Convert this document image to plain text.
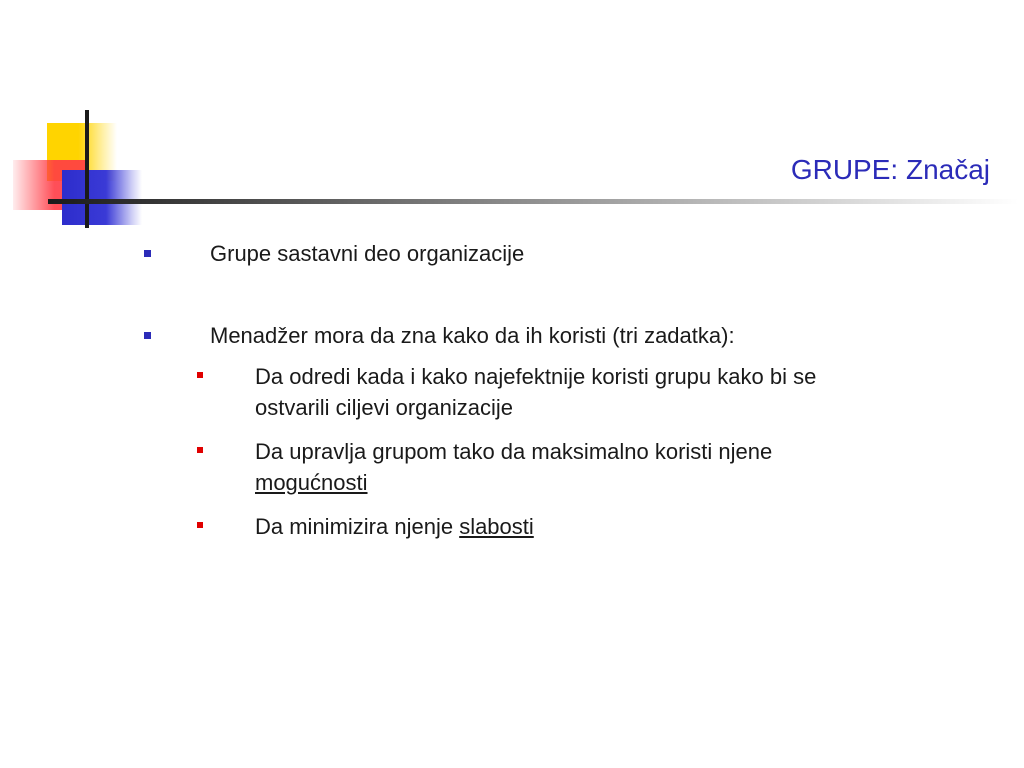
GRUPE: Značaj
Grupe sastavni deo organizacije
Menadžer mora da zna kako da ih koristi (tri zadatka):
Da odredi kada i kako najefektnije koristi grupu kako bi se
ostvarili ciljevi organizacije
Da upravlja grupom tako da maksimalno koristi njene
mogućnosti
Da minimizira njenje slabosti
